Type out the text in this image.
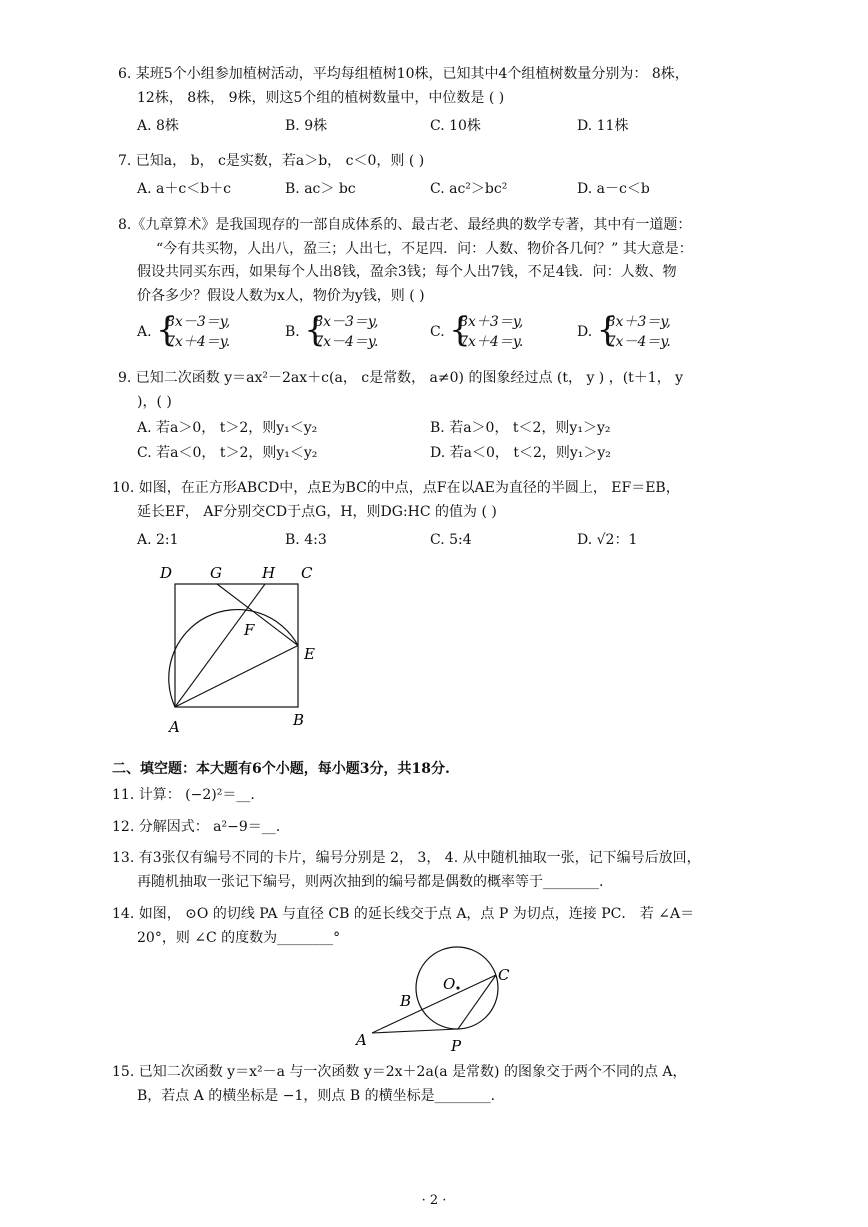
6. 某班5个小组参加植树活动，平均每组植树10株，已知其中4个组植树数量分别为： 8株，
12株， 8株， 9株，则这5个组的植树数量中，中位数是 ( )
A. 8株	B. 9株	C. 10株	D. 11株
7. 已知a， b， c是实数，若a＞b， c＜0，则 ( )
A. a＋c＜b＋c	B. ac＞ bc	C. ac²＞bc²	D. a－c＜b
8.《九章算术》是我国现存的一部自成体系的、最古老、最经典的数学专著，其中有一道题：
“今有共买物，人出八，盈三；人出七，不足四．问：人数、物价各几何？” 其大意是：
假设共同买东西，如果每个人出8钱，盈余3钱；每个人出7钱，不足4钱．问：人数、物
价各多少？假设人数为x人，物价为y钱，则 ( )
A. {
8x－3＝y,
7x＋4＝y.
B. {
8x－3＝y,
7x－4＝y.
C. {
8x＋3＝y,
7x＋4＝y.
D. {
8x＋3＝y,
7x－4＝y.
9. 已知二次函数 y＝ax²－2ax＋c(a， c是常数， a≠0) 的图象经过点 (t， y ) ，(t＋1， y
)，( )
A. 若a＞0， t＞2，则y₁＜y₂	B. 若a＞0， t＜2，则y₁＞y₂
C. 若a＜0， t＞2，则y₁＜y₂	D. 若a＜0， t＜2，则y₁＞y₂
10. 如图，在正方形ABCD中，点E为BC的中点，点F在以AE为直径的半圆上， EF＝EB，
延长EF， AF分别交CD于点G，H，则DG:HC 的值为 ( )
A. 2:1	B. 4:3	C. 5:4	D. √2：1
D	G	H C
F
E
A	B
二、填空题：本大题有6个小题，每小题3分，共18分.
11. 计算： (−2)²＝__.
12. 分解因式： a²−9＝__.
13. 有3张仅有编号不同的卡片，编号分别是 2， 3， 4. 从中随机抽取一张，记下编号后放回，
再随机抽取一张记下编号，则两次抽到的编号都是偶数的概率等于________.
14. 如图， ⊙O 的切线 PA 与直径 CB 的延长线交于点 A，点 P 为切点，连接 PC． 若 ∠A＝
20°，则 ∠C 的度数为________°
O	C
B
A	P
15. 已知二次函数 y＝x²－a 与一次函数 y＝2x＋2a(a 是常数) 的图象交于两个不同的点 A，
B，若点 A 的横坐标是 −1，则点 B 的横坐标是________.
· 2 ·
